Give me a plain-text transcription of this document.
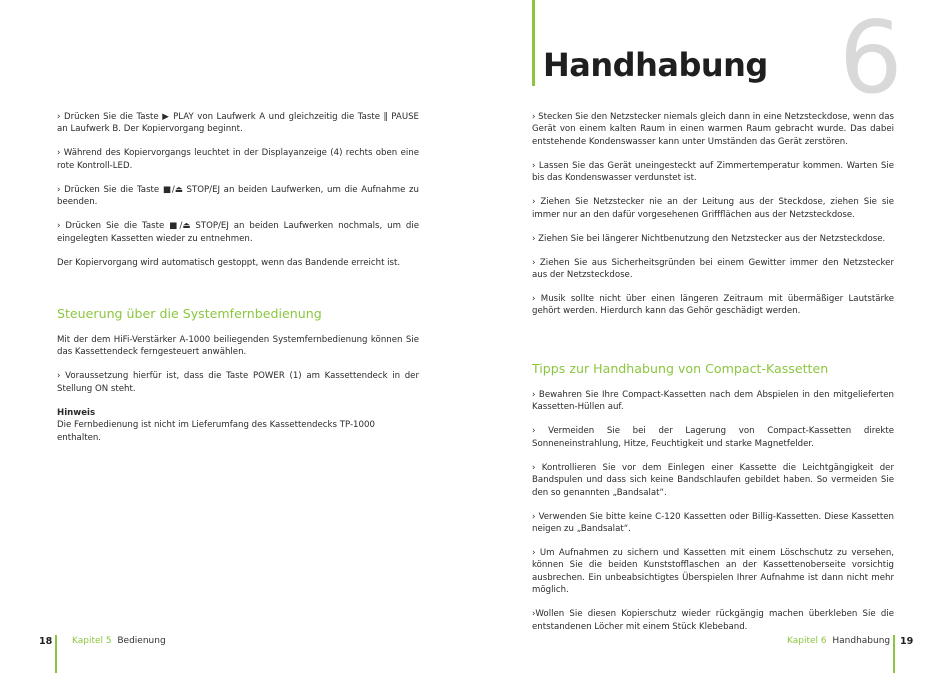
› Drücken Sie die Taste ▶ PLAY von Laufwerk A und gleichzeitig die Taste ‖ PAUSE an Laufwerk B. Der Kopiervorgang beginnt.

› Während des Kopiervorgangs leuchtet in der Displayanzeige (4) rechts oben eine rote Kontroll-LED.

› Drücken Sie die Taste ■/⏏ STOP/EJ an beiden Laufwerken, um die Aufnahme zu beenden.

› Drücken Sie die Taste ■/⏏ STOP/EJ an beiden Laufwerken nochmals, um die eingelegten Kassetten wieder zu entnehmen.

Der Kopiervorgang wird automatisch gestoppt, wenn das Bandende erreicht ist.

Steuerung über die Systemfernbedienung

Mit der dem HiFi-Verstärker A-1000 beiliegenden Systemfernbedienung können Sie das Kassettendeck ferngesteuert anwählen.

› Voraussetzung hierfür ist, dass die Taste POWER (1) am Kassettendeck in der Stellung ON steht.

Hinweis

Die Fernbedienung ist nicht im Lieferumfang des Kassettendecks TP-1000 enthalten.

18 Kapitel 5 Bedienung
Handhabung 6

› Stecken Sie den Netzstecker niemals gleich dann in eine Netzsteckdose, wenn das Gerät von einem kalten Raum in einen warmen Raum gebracht wurde. Das dabei entstehende Kondenswasser kann unter Umständen das Gerät zerstören.

› Lassen Sie das Gerät uneingesteckt auf Zimmertemperatur kommen. Warten Sie bis das Kondenswasser verdunstet ist.

› Ziehen Sie Netzstecker nie an der Leitung aus der Steckdose, ziehen Sie sie immer nur an den dafür vorgesehenen Griffflächen aus der Netzsteckdose.

› Ziehen Sie bei längerer Nichtbenutzung den Netzstecker aus der Netzsteckdose.

› Ziehen Sie aus Sicherheitsgründen bei einem Gewitter immer den Netzstecker aus der Netzsteckdose.

› Musik sollte nicht über einen längeren Zeitraum mit übermäßiger Lautstärke gehört werden. Hierdurch kann das Gehör geschädigt werden.

Tipps zur Handhabung von Compact-Kassetten

› Bewahren Sie Ihre Compact-Kassetten nach dem Abspielen in den mitgelieferten Kassetten-Hüllen auf.

› Vermeiden Sie bei der Lagerung von Compact-Kassetten direkte Sonneneinstrahlung, Hitze, Feuchtigkeit und starke Magnetfelder.

› Kontrollieren Sie vor dem Einlegen einer Kassette die Leichtgängigkeit der Bandspulen und dass sich keine Bandschlaufen gebildet haben. So vermeiden Sie den so genannten „Bandsalat“.

› Verwenden Sie bitte keine C-120 Kassetten oder Billig-Kassetten. Diese Kassetten neigen zu „Bandsalat“.

› Um Aufnahmen zu sichern und Kassetten mit einem Löschschutz zu versehen, können Sie die beiden Kunststofflaschen an der Kassettenoberseite vorsichtig ausbrechen. Ein unbeabsichtigtes Überspielen Ihrer Aufnahme ist dann nicht mehr möglich.

›Wollen Sie diesen Kopierschutz wieder rückgängig machen überkleben Sie die entstandenen Löcher mit einem Stück Klebeband.

Kapitel 6 Handhabung 19
